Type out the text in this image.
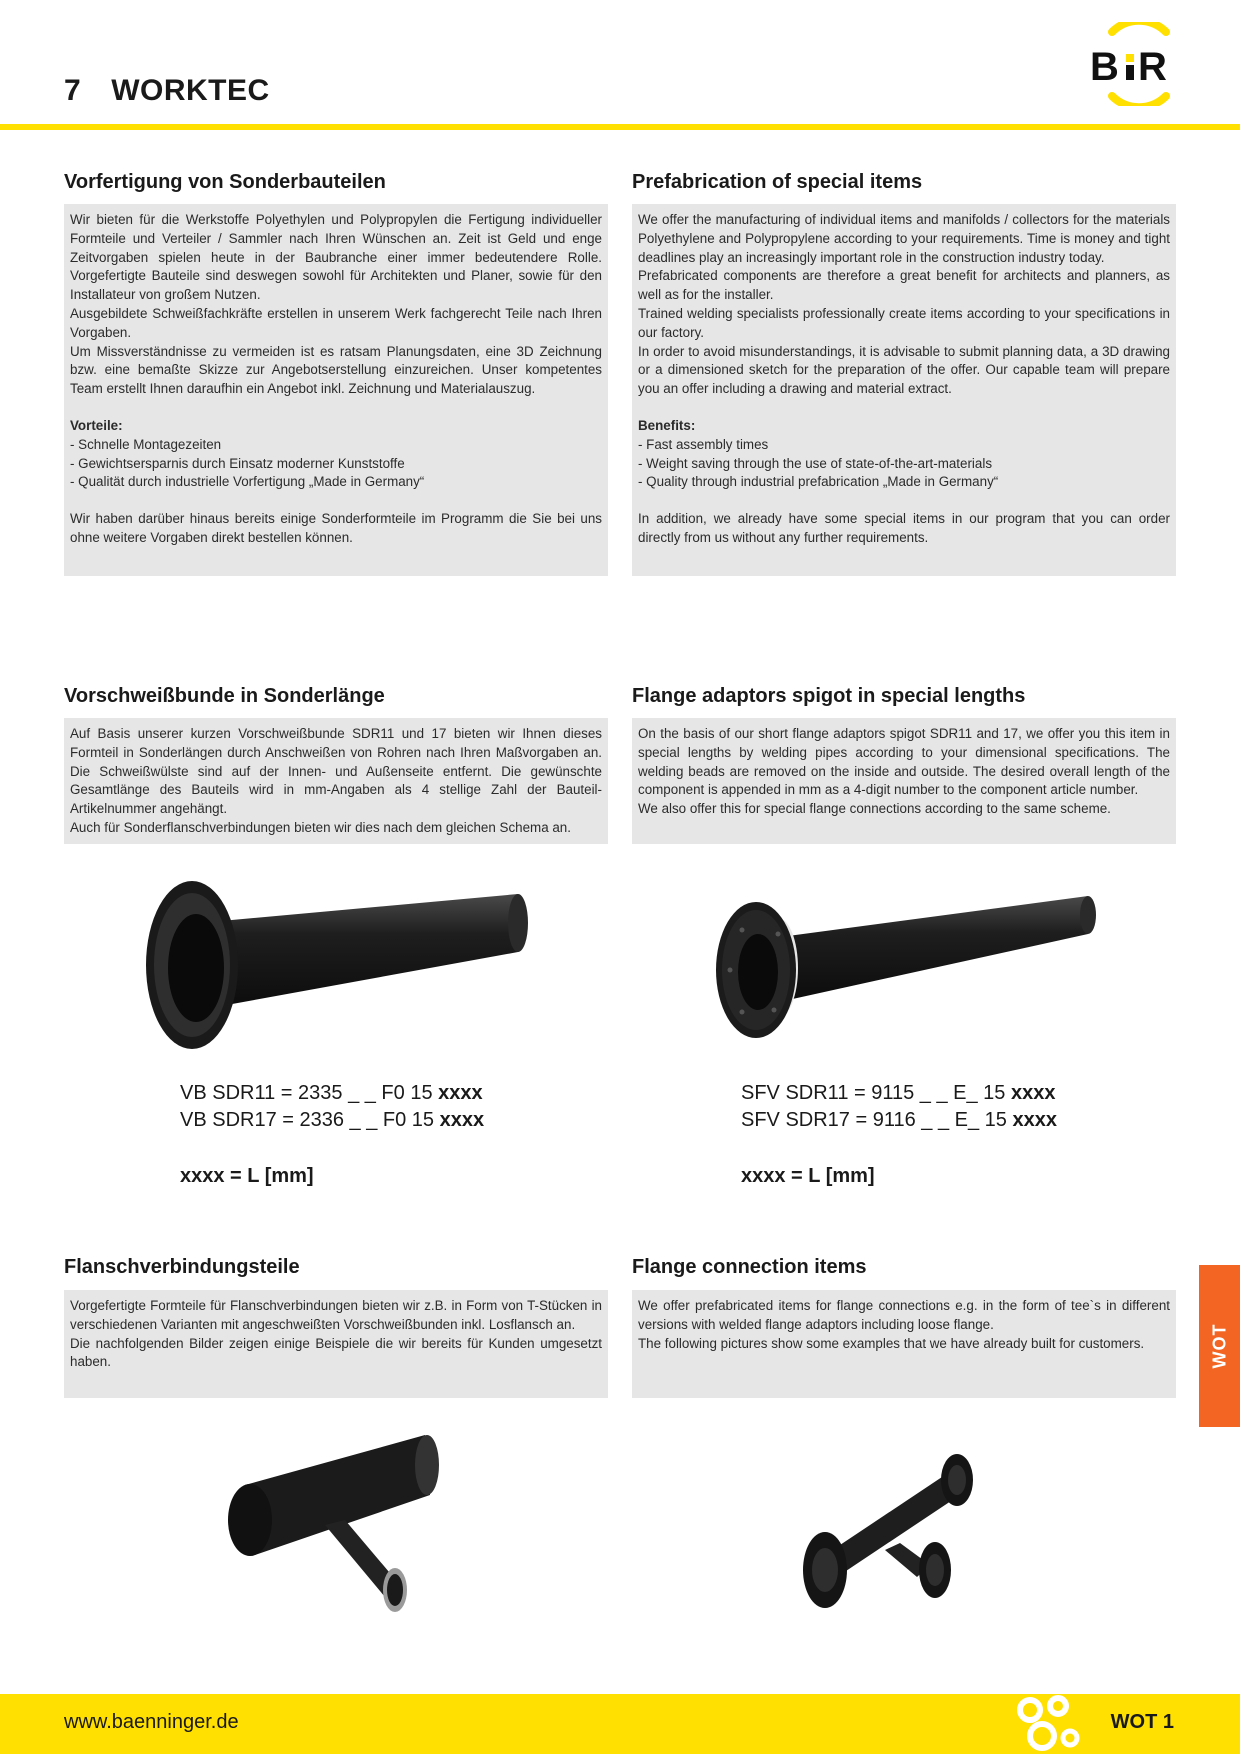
7 WORKTEC
B R
Vorfertigung von Sonderbauteilen

Wir bieten für die Werkstoffe Polyethylen und Polypropylen die Fertigung individueller Formteile und Verteiler / Sammler nach Ihren Wünschen an. Zeit ist Geld und enge Zeitvorgaben spielen heute in der Baubranche einer immer bedeutendere Rolle. Vorgefertigte Bauteile sind deswegen sowohl für Architekten und Planer, sowie für den Installateur von großem Nutzen.

Ausgebildete Schweißfachkräfte erstellen in unserem Werk fachgerecht Teile nach Ihren Vorgaben.

Um Missverständnisse zu vermeiden ist es ratsam Planungsdaten, eine 3D Zeichnung bzw. eine bemaßte Skizze zur Angebotserstellung einzureichen. Unser kompetentes Team erstellt Ihnen daraufhin ein Angebot inkl. Zeichnung und Materialauszug.

Vorteile:

- Schnelle Montagezeiten
- Gewichtsersparnis durch Einsatz moderner Kunststoffe
- Qualität durch industrielle Vorfertigung „Made in Germany“

Wir haben darüber hinaus bereits einige Sonderformteile im Programm die Sie bei uns ohne weitere Vorgaben direkt bestellen können.

Prefabrication of special items

We offer the manufacturing of individual items and manifolds / collectors for the materials Polyethylene and Polypropylene according to your requirements. Time is money and tight deadlines play an increasingly important role in the construction industry today.

Prefabricated components are therefore a great benefit for architects and planners, as well as for the installer.

Trained welding specialists professionally create items according to your specifications in our factory.

In order to avoid misunderstandings, it is advisable to submit planning data, a 3D drawing or a dimensioned sketch for the preparation of the offer. Our capable team will prepare you an offer including a drawing and material extract.

Benefits:

- Fast assembly times
- Weight saving through the use of state-of-the-art-materials
- Quality through industrial prefabrication „Made in Germany“

In addition, we already have some special items in our program that you can order directly from us without any further requirements.

Vorschweißbunde in Sonderlänge

Auf Basis unserer kurzen Vorschweißbunde SDR11 und 17 bieten wir Ihnen dieses Formteil in Sonderlängen durch Anschweißen von Rohren nach Ihren Maßvorgaben an. Die Schweißwülste sind auf der Innen- und Außenseite entfernt. Die gewünschte Gesamtlänge des Bauteils wird in mm-Angaben als 4 stellige Zahl der Bauteil-Artikelnummer angehängt.

Auch für Sonderflanschverbindungen bieten wir dies nach dem gleichen Schema an.

Flange adaptors spigot in special lengths

On the basis of our short flange adaptors spigot SDR11 and 17, we offer you this item in special lengths by welding pipes according to your dimensional specifications. The welding beads are removed on the inside and outside. The desired overall length of the component is appended in mm as a 4-digit number to the component article number.

We also offer this for special flange connections according to the same scheme.

VB SDR11 = 2335 _ _ F0 15 xxxx
VB SDR17 = 2336 _ _ F0 15 xxxx
xxxx = L [mm]
SFV SDR11 = 9115 _ _ E_ 15 xxxx
SFV SDR17 = 9116 _ _ E_ 15 xxxx
xxxx = L [mm]
Flanschverbindungsteile

Vorgefertigte Formteile für Flanschverbindungen bieten wir z.B. in Form von T-Stücken in verschiedenen Varianten mit angeschweißten Vorschweißbunden inkl. Losflansch an.

Die nachfolgenden Bilder zeigen einige Beispiele die wir bereits für Kunden umgesetzt haben.

Flange connection items

We offer prefabricated items for flange connections e.g. in the form of tee`s in different versions with welded flange adaptors including loose flange.

The following pictures show some examples that we have already built for customers.	WOT
www.baenninger.de	WOT 1
